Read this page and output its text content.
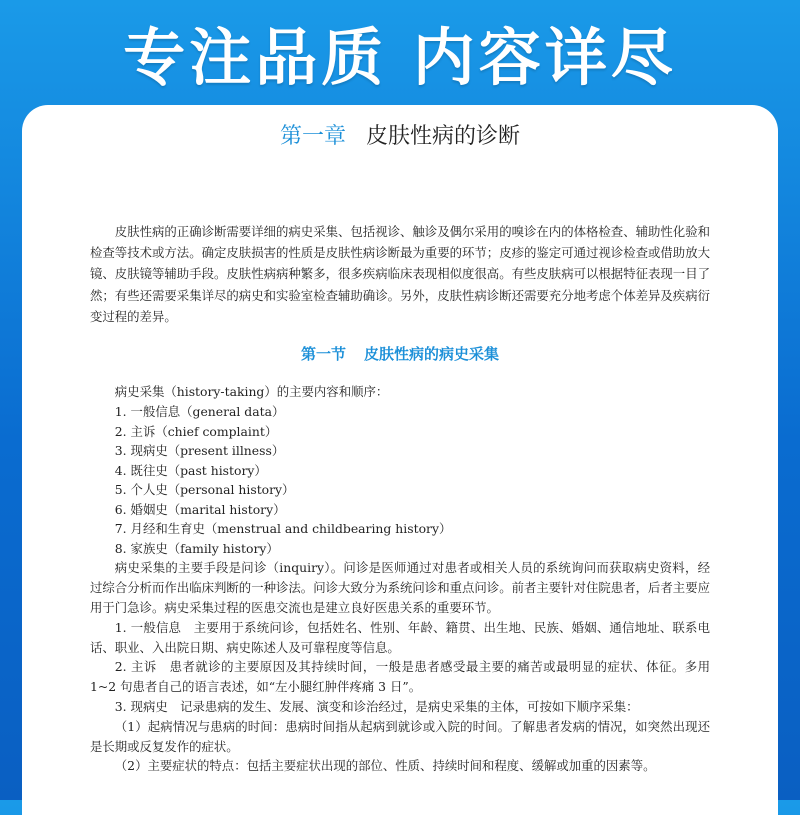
专注品质 内容详尽
第一章 皮肤性病的诊断

皮肤性病的正确诊断需要详细的病史采集、包括视诊、触诊及偶尔采用的嗅诊在内的体格检查、辅助性化验和检查等技术或方法。确定皮肤损害的性质是皮肤性病诊断最为重要的环节；皮疹的鉴定可通过视诊检查或借助放大镜、皮肤镜等辅助手段。皮肤性病病种繁多，很多疾病临床表现相似度很高。有些皮肤病可以根据特征表现一目了然；有些还需要采集详尽的病史和实验室检查辅助确诊。另外，皮肤性病诊断还需要充分地考虑个体差异及疾病衍变过程的差异。

第一节 皮肤性病的病史采集

病史采集（history-taking）的主要内容和顺序：

1. 一般信息（general data）
2. 主诉（chief complaint）
3. 现病史（present illness）
4. 既往史（past history）
5. 个人史（personal history）
6. 婚姻史（marital history）
7. 月经和生育史（menstrual and childbearing history）
8. 家族史（family history）

病史采集的主要手段是问诊（inquiry）。问诊是医师通过对患者或相关人员的系统询问而获取病史资料，经过综合分析而作出临床判断的一种诊法。问诊大致分为系统问诊和重点问诊。前者主要针对住院患者，后者主要应用于门急诊。病史采集过程的医患交流也是建立良好医患关系的重要环节。

1. 一般信息　主要用于系统问诊，包括姓名、性别、年龄、籍贯、出生地、民族、婚姻、通信地址、联系电话、职业、入出院日期、病史陈述人及可靠程度等信息。

2. 主诉　患者就诊的主要原因及其持续时间，一般是患者感受最主要的痛苦或最明显的症状、体征。多用 1~2 句患者自己的语言表述，如“左小腿红肿伴疼痛 3 日”。

3. 现病史　记录患病的发生、发展、演变和诊治经过，是病史采集的主体，可按如下顺序采集：

（1）起病情况与患病的时间：患病时间指从起病到就诊或入院的时间。了解患者发病的情况，如突然出现还是长期或反复发作的症状。

（2）主要症状的特点：包括主要症状出现的部位、性质、持续时间和程度、缓解或加重的因素等。
